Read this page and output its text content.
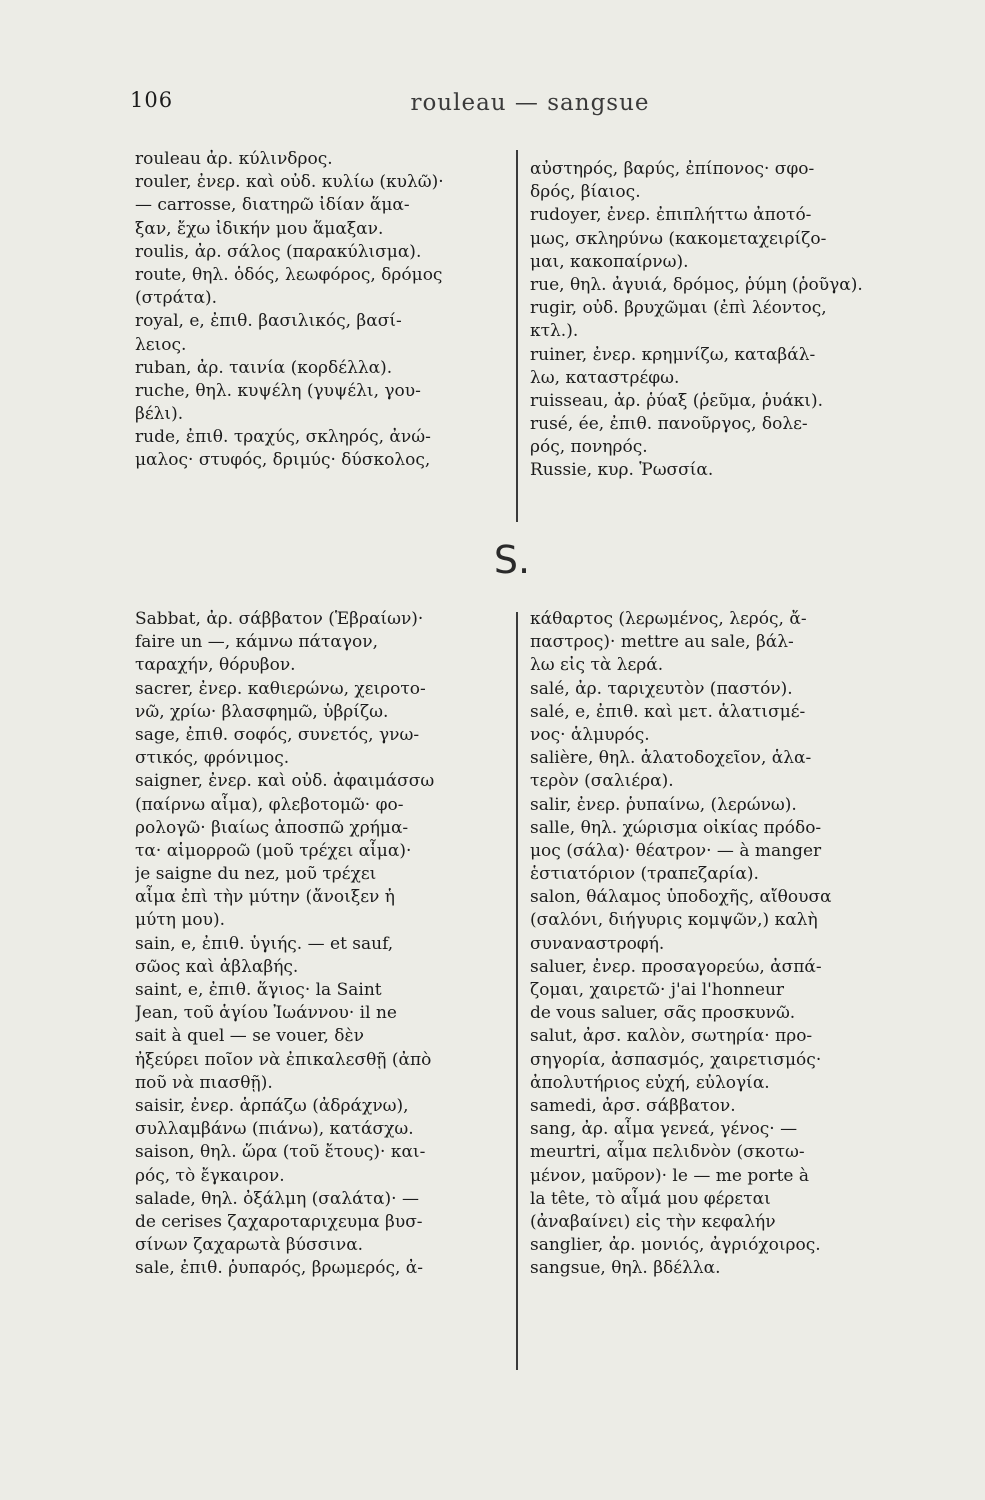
106	rouleau — sangsue
rouleau ἀρ. κύλινδρος.
rouler, ἐνερ. καὶ οὐδ. κυλίω (κυλῶ)·
— carrosse, διατηρῶ ἰδίαν ἅμα-
ξαν, ἔχω ἰδικήν μου ἅμαξαν.
roulis, ἀρ. σάλος (παρακύλισμα).
route, θηλ. ὁδός, λεωφόρος, δρόμος
(στράτα).
royal, e, ἐπιθ. βασιλικός, βασί-
λειος.
ruban, ἀρ. ταινία (κορδέλλα).
ruche, θηλ. κυψέλη (γυψέλι, γου-
βέλι).
rude, ἐπιθ. τραχύς, σκληρός, ἀνώ-
μαλος· στυφός, δριμύς· δύσκολος,
αὐστηρός, βαρύς, ἐπίπονος· σφο-
δρός, βίαιος.
rudoyer, ἐνερ. ἐπιπλήττω ἀποτό-
μως, σκληρύνω (κακομεταχειρίζο-
μαι, κακοπαίρνω).
rue, θηλ. ἀγυιά, δρόμος, ῥύμη (ῥοῦγα).
rugir, οὐδ. βρυχῶμαι (ἐπὶ λέοντος,
κτλ.).
ruiner, ἐνερ. κρημνίζω, καταβάλ-
λω, καταστρέφω.
ruisseau, ἀρ. ῥύαξ (ῥεῦμα, ῥυάκι).
rusé, ée, ἐπιθ. πανοῦργος, δολε-
ρός, πονηρός.
Russie, κυρ. Ῥωσσία.
S.
Sabbat, ἀρ. σάββατον (Ἑβραίων)·
faire un —, κάμνω πάταγον,
ταραχήν, θόρυβον.
sacrer, ἐνερ. καθιερώνω, χειροτο-
νῶ, χρίω· βλασφημῶ, ὑβρίζω.
sage, ἐπιθ. σοφός, συνετός, γνω-
στικός, φρόνιμος.
saigner, ἐνερ. καὶ οὐδ. ἀφαιμάσσω
(παίρνω αἷμα), φλεβοτομῶ· φο-
ρολογῶ· βιαίως ἀποσπῶ χρήμα-
τα· αἱμορροῶ (μοῦ τρέχει αἷμα)·
je saigne du nez, μοῦ τρέχει
αἷμα ἐπὶ τὴν μύτην (ἄνοιξεν ἡ
μύτη μου).
sain, e, ἐπιθ. ὑγιής. — et sauf,
σῶος καὶ ἀβλαβής.
saint, e, ἐπιθ. ἅγιος· la Saint
Jean, τοῦ ἁγίου Ἰωάννου· il ne
sait à quel — se vouer, δὲν
ἠξεύρει ποῖον νὰ ἐπικαλεσθῇ (ἀπὸ
ποῦ νὰ πιασθῇ).
saisir, ἐνερ. ἁρπάζω (ἀδράχνω),
συλλαμβάνω (πιάνω), κατάσχω.
saison, θηλ. ὥρα (τοῦ ἔτους)· και-
ρός, τὸ ἔγκαιρον.
salade, θηλ. ὀξάλμη (σαλάτα)· —
de cerises ζαχαροταριχευμα βυσ-
σίνων ζαχαρωτὰ βύσσινα.
sale, ἐπιθ. ῥυπαρός, βρωμερός, ἀ-
κάθαρτος (λερωμένος, λερός, ἄ-
παστρος)· mettre au sale, βάλ-
λω εἰς τὰ λερά.
salé, ἀρ. ταριχευτὸν (παστόν).
salé, e, ἐπιθ. καὶ μετ. ἁλατισμέ-
νος· ἁλμυρός.
salière, θηλ. ἁλατοδοχεῖον, ἁλα-
τερὸν (σαλιέρα).
salir, ἐνερ. ῥυπαίνω, (λερώνω).
salle, θηλ. χώρισμα οἰκίας πρόδο-
μος (σάλα)· θέατρον· — à manger
ἑστιατόριον (τραπεζαρία).
salon, θάλαμος ὑποδοχῆς, αἴθουσα
(σαλόνι, διήγυρις κομψῶν,) καλὴ
συναναστροφή.
saluer, ἐνερ. προσαγορεύω, ἀσπά-
ζομαι, χαιρετῶ· j'ai l'honneur
de vous saluer, σᾶς προσκυνῶ.
salut, ἀρσ. καλὸν, σωτηρία· προ-
σηγορία, ἀσπασμός, χαιρετισμός·
ἀπολυτήριος εὐχή, εὐλογία.
samedi, ἀρσ. σάββατον.
sang, ἀρ. αἷμα γενεά, γένος· —
meurtri, αἷμα πελιδνὸν (σκοτω-
μένον, μαῦρον)· le — me porte à
la tête, τὸ αἷμά μου φέρεται
(ἀναβαίνει) εἰς τὴν κεφαλήν
sanglier, ἀρ. μονιός, ἀγριόχοιρος.
sangsue, θηλ. βδέλλα.
